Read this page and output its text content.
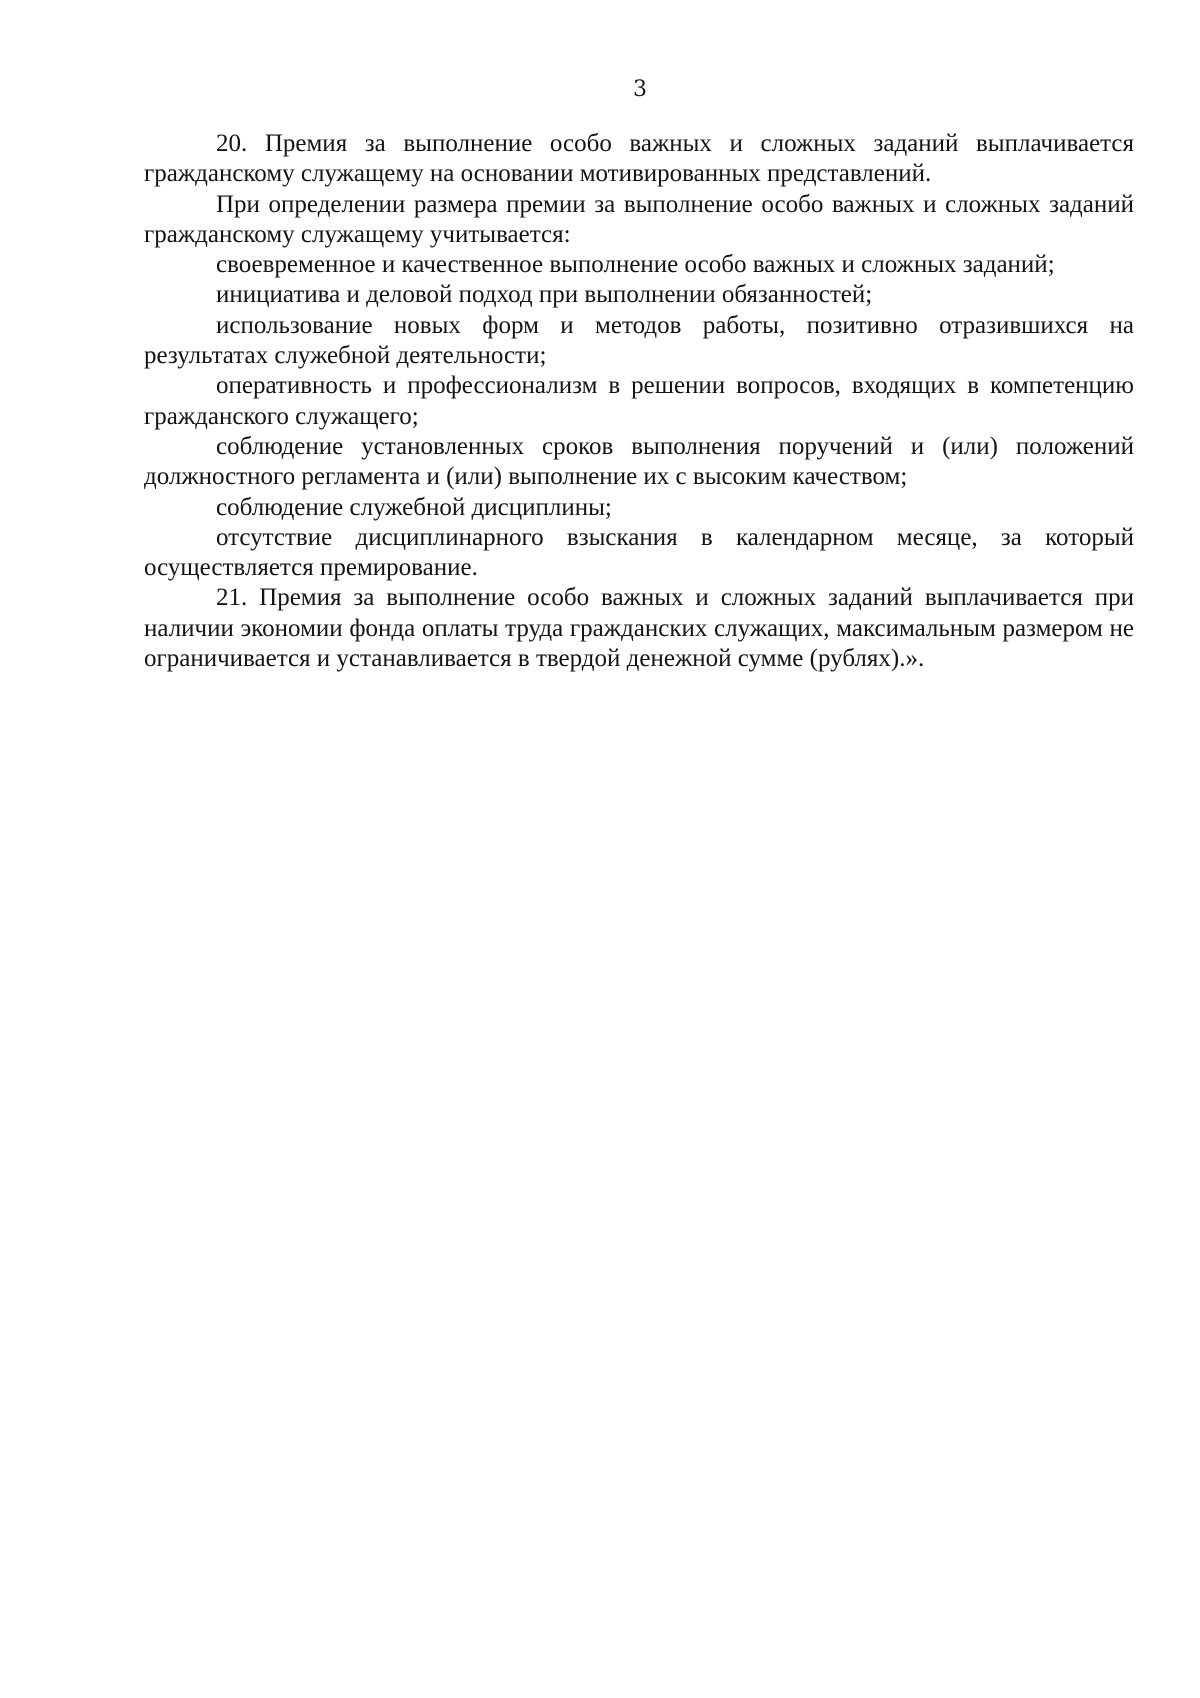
3

20. Премия за выполнение особо важных и сложных заданий выплачивается гражданскому служащему на основании мотивированных представлений.

При определении размера премии за выполнение особо важных и сложных заданий гражданскому служащему учитывается:

своевременное и качественное выполнение особо важных и сложных заданий;

инициатива и деловой подход при выполнении обязанностей;

использование новых форм и методов работы, позитивно отразившихся на результатах служебной деятельности;

оперативность и профессионализм в решении вопросов, входящих в компетенцию гражданского служащего;

соблюдение установленных сроков выполнения поручений и (или) положений должностного регламента и (или) выполнение их с высоким качеством;

соблюдение служебной дисциплины;

отсутствие дисциплинарного взыскания в календарном месяце, за который осуществляется премирование.

21. Премия за выполнение особо важных и сложных заданий выплачивается при наличии экономии фонда оплаты труда гражданских служащих, максимальным размером не ограничивается и устанавливается в твердой денежной сумме (рублях).».
